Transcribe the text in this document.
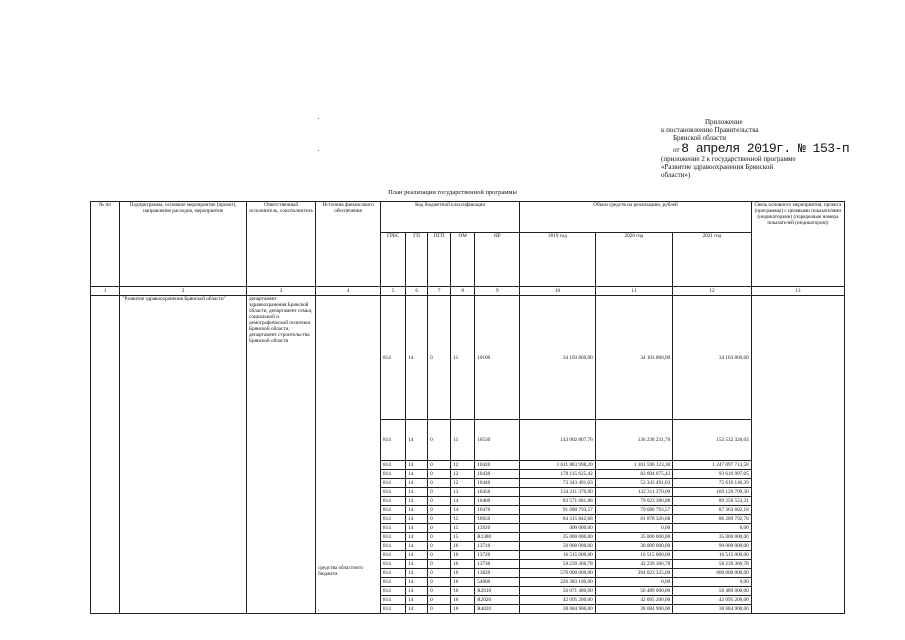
Приложение
к постановлению Правительства
Брянской области
от 8 апреля 2019г. № 153-п
(приложение 2 к государственной программе
«Развитие здравоохранения Брянской
области»)
План реализации государственной программы
№ пп	Подпрограмма, основное мероприятие (проект), направление расходов, мероприятие	Ответственный исполнитель, соисполнитель	Источник финансового обеспечения	Код бюджетной классификации					Объем средств на реализацию, рублей			Связь основного мероприятия, проекта (программы) с целевыми показателями (индикаторами) (порядковые номера показателей (индикаторов))
				ГРБС	ГП	ПГП	ОМ	НР	2019 год	2020 год	2021 год	
1	2	3	4	5	6	7	8	9	10	11	12	13
	"Развитие здравоохранения Брянской области"	департамент здравоохранения Брянской области, департамент семьи, социальной и демографической политики Брянской области, департамент строительства Брянской области	средства областного бюджета	814	14	0	11	10100	34 103 860,00	34 103 860,00	34 103 860,00	
				814	14	0	11	10530	143 902 807,76	136 238 231,76	152 532 320,03	
				814	14	0	12	10420	1 611 883 998,20	1 101 596 123,30	1 247 097 713,58	
				814	14	0	12	10430	170 115 625,42	82 604 075,42	93 616 997,05	
				814	14	0	12	10440	73 343 491,03	53 343 491,03	75 616 146,39	
				814	14	0	13	10450	134 311 370,00	132 311 370,00	169 129 709,30	
				814	14	0	14	10460	83 571 681,88	79 023 380,88	89 250 553,31	
				814	14	0	14	10470	91 680 793,57	79 680 793,57	87 363 682,18	
				814	14	0	15	10650	84 315 842,68	81 878 326,68	86 289 792,78	
				814	14	0	15	13920	400 000,00	0,00	0,00	
				814	14	0	15	R1380	35 000 000,00	35 000 000,00	35 000 000,00	
				814	14	0	16	13710	50 000 000,00	30 000 000,00	90 000 000,00	
				814	14	0	16	13720	16 515 000,00	16 515 000,00	16 515 000,00	
				814	14	0	16	13730	58 239 366,78	42 239 366,78	58 239 366,78	
				814	14	0	16	13820	570 000 000,00	394 023 325,00	600 000 000,00	
				814	14	0	16	54600	226 383 100,00	0,00	0,00	
				814	14	0	16	R2010	56 071 400,00	56 489 000,00	56 489 000,00	
				814	14	0	16	R2020	42 095 200,00	42 095 200,00	42 095 200,00	
				814	14	0	16	R4020	38 684 900,00	38 684 900,00	38 684 900,00	
